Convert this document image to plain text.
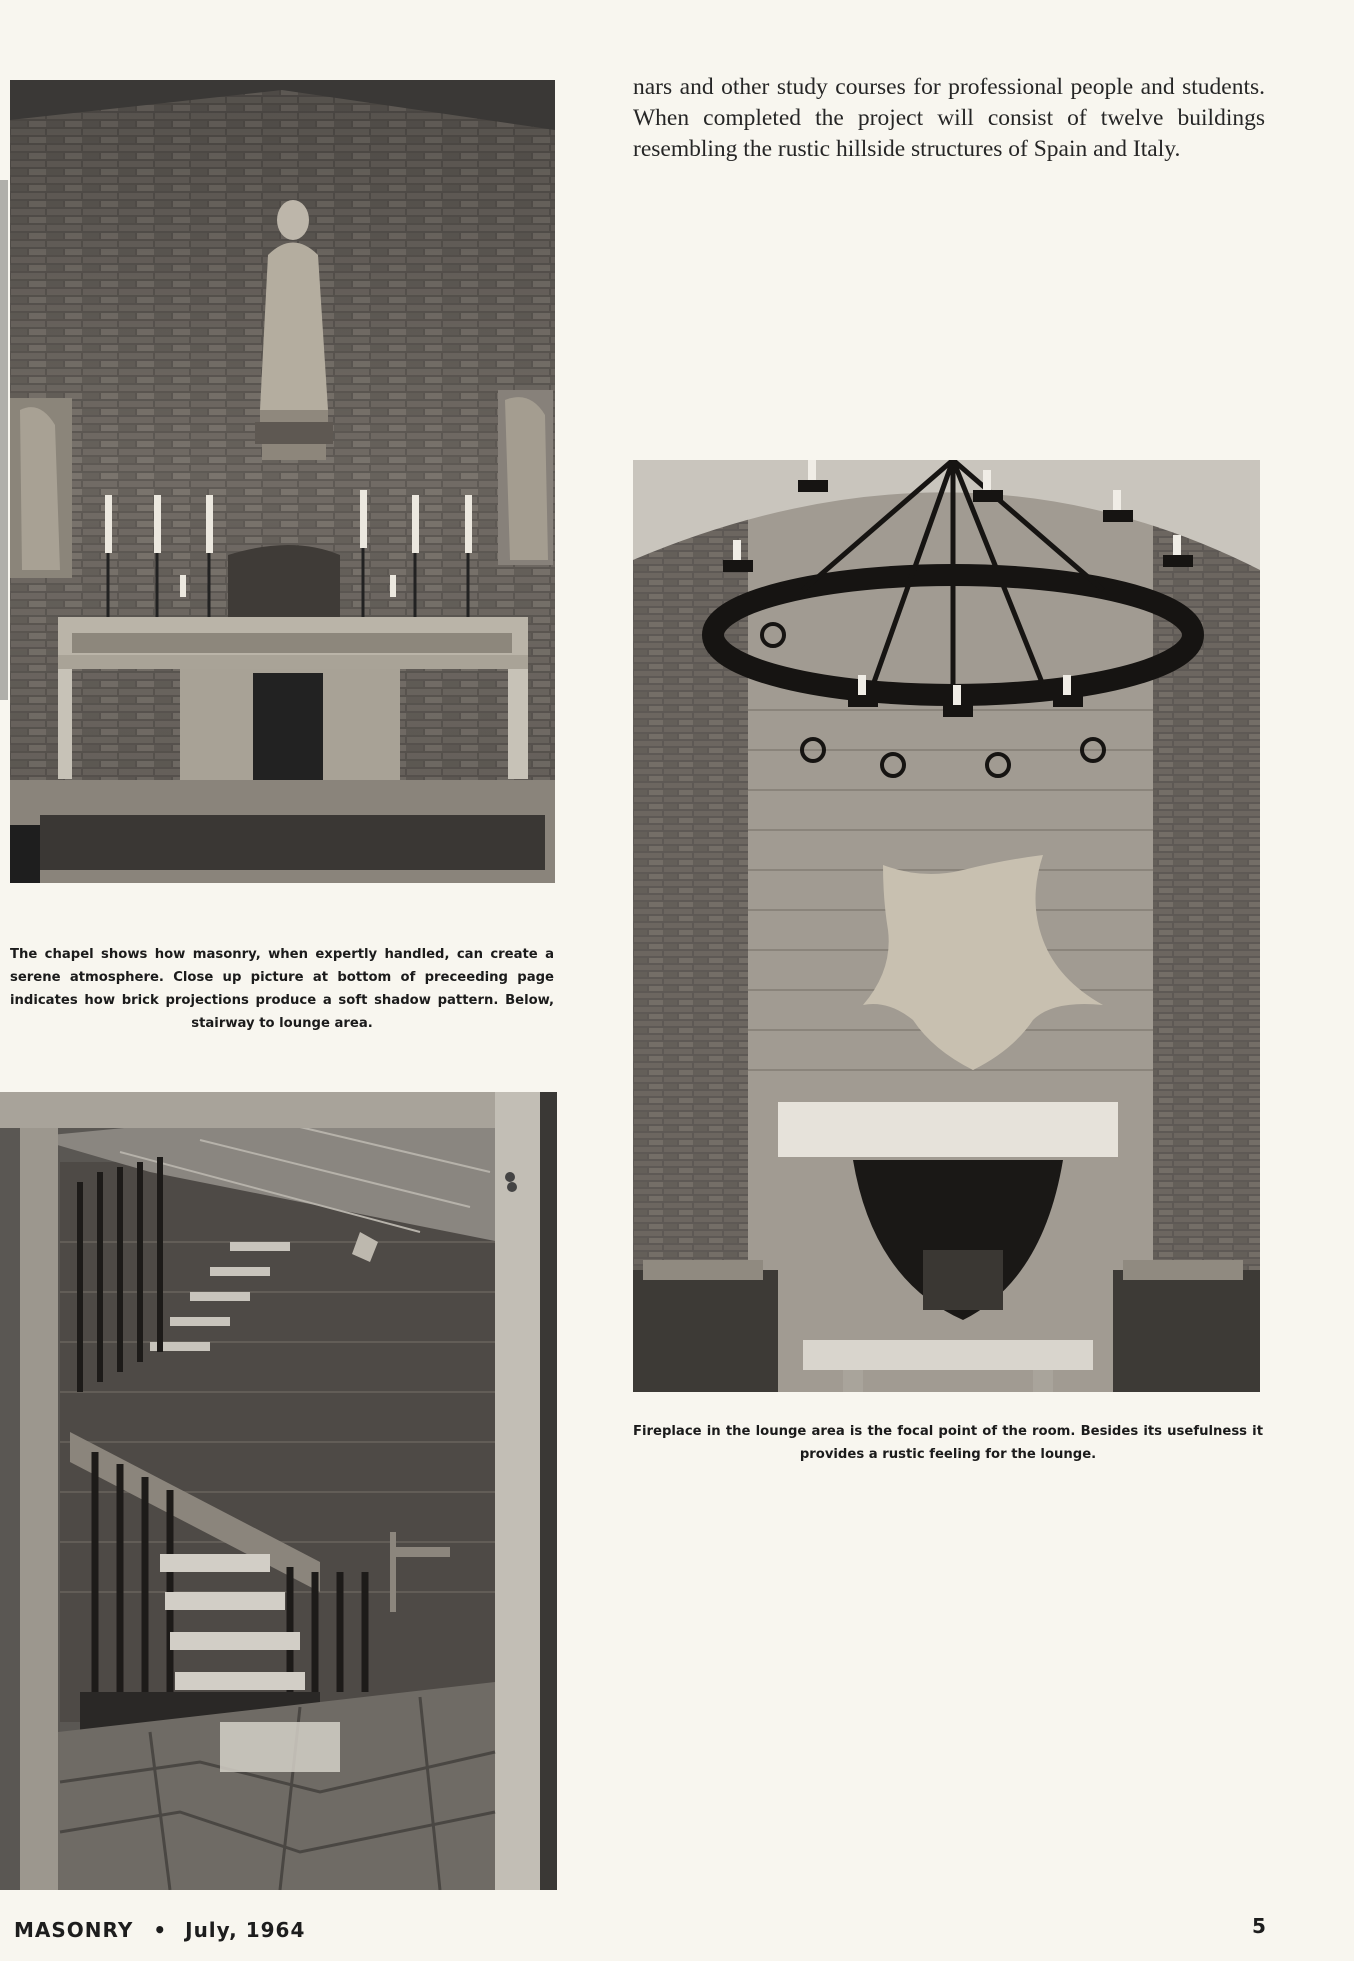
The chapel shows how masonry, when expertly handled, can create a serene atmosphere. Close up picture at bottom of preceeding page indicates how brick projections produce a soft shadow pattern. Below, stairway to lounge area.
nars and other study courses for professional people and students. When completed the project will consist of twelve buildings resembling the rustic hillside structures of Spain and Italy.
Fireplace in the lounge area is the focal point of the room. Besides its usefulness it provides a rustic feeling for the lounge.
MASONRY • July, 1964	5
